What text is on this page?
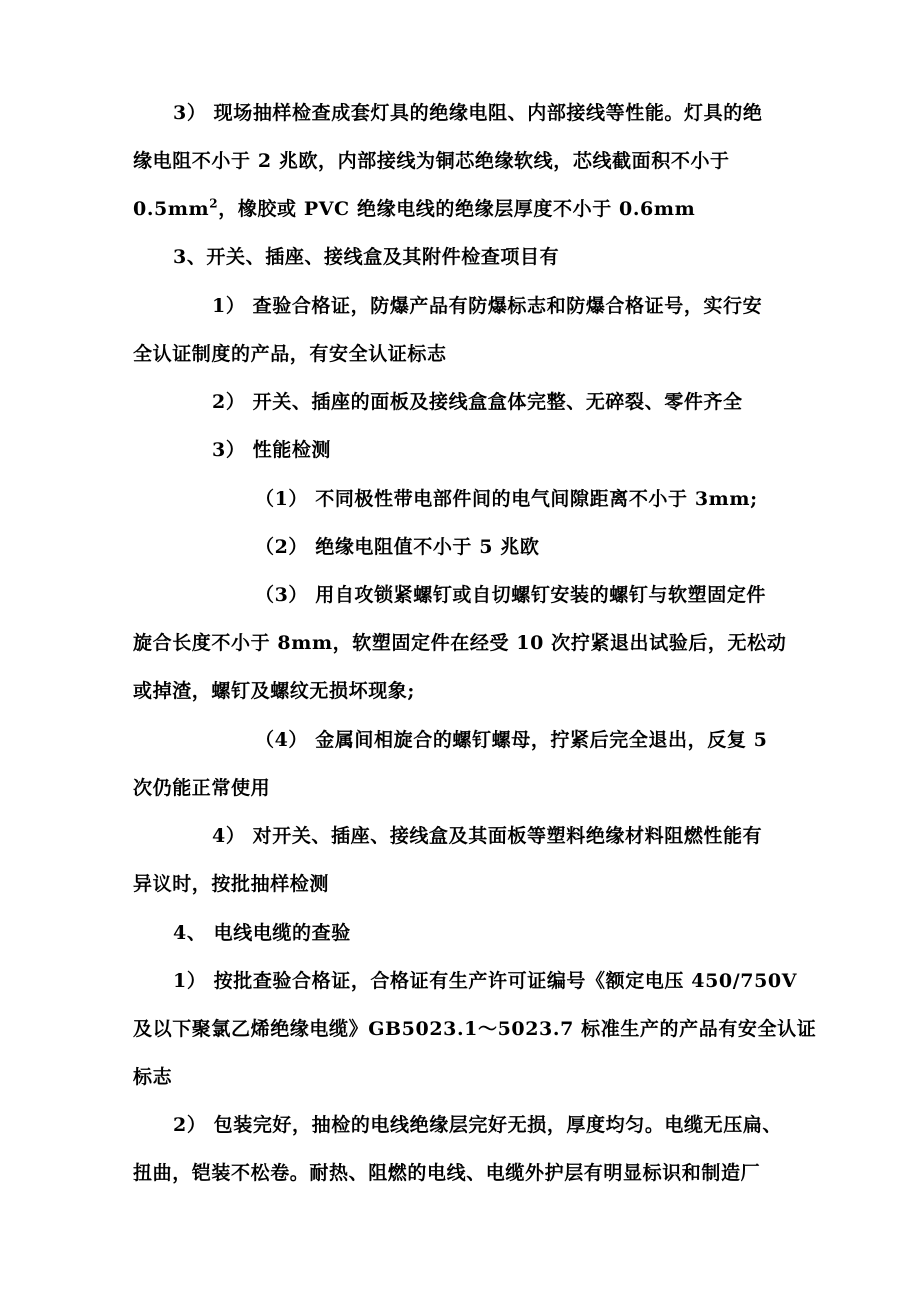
3） 现场抽样检查成套灯具的绝缘电阻、内部接线等性能。灯具的绝

缘电阻不小于 2 兆欧，内部接线为铜芯绝缘软线，芯线截面积不小于

$0.5mm^2$，橡胶或 PVC 绝缘电线的绝缘层厚度不小于 0.6mm

3、开关、插座、接线盒及其附件检查项目有

1） 查验合格证，防爆产品有防爆标志和防爆合格证号，实行安

全认证制度的产品，有安全认证标志

2） 开关、插座的面板及接线盒盒体完整、无碎裂、零件齐全

3） 性能检测

（1） 不同极性带电部件间的电气间隙距离不小于 3mm;

（2） 绝缘电阻值不小于 5 兆欧

（3） 用自攻锁紧螺钉或自切螺钉安装的螺钉与软塑固定件

旋合长度不小于 8mm，软塑固定件在经受 10 次拧紧退出试验后，无松动

或掉渣，螺钉及螺纹无损坏现象;

（4） 金属间相旋合的螺钉螺母，拧紧后完全退出，反复 5

次仍能正常使用

4） 对开关、插座、接线盒及其面板等塑料绝缘材料阻燃性能有

异议时，按批抽样检测

4、 电线电缆的查验

1） 按批查验合格证，合格证有生产许可证编号《额定电压 450/750V

及以下聚氯乙烯绝缘电缆》GB5023.1～5023.7 标准生产的产品有安全认证

标志

2） 包装完好，抽检的电线绝缘层完好无损，厚度均匀。电缆无压扁、

扭曲，铠装不松卷。耐热、阻燃的电线、电缆外护层有明显标识和制造厂
